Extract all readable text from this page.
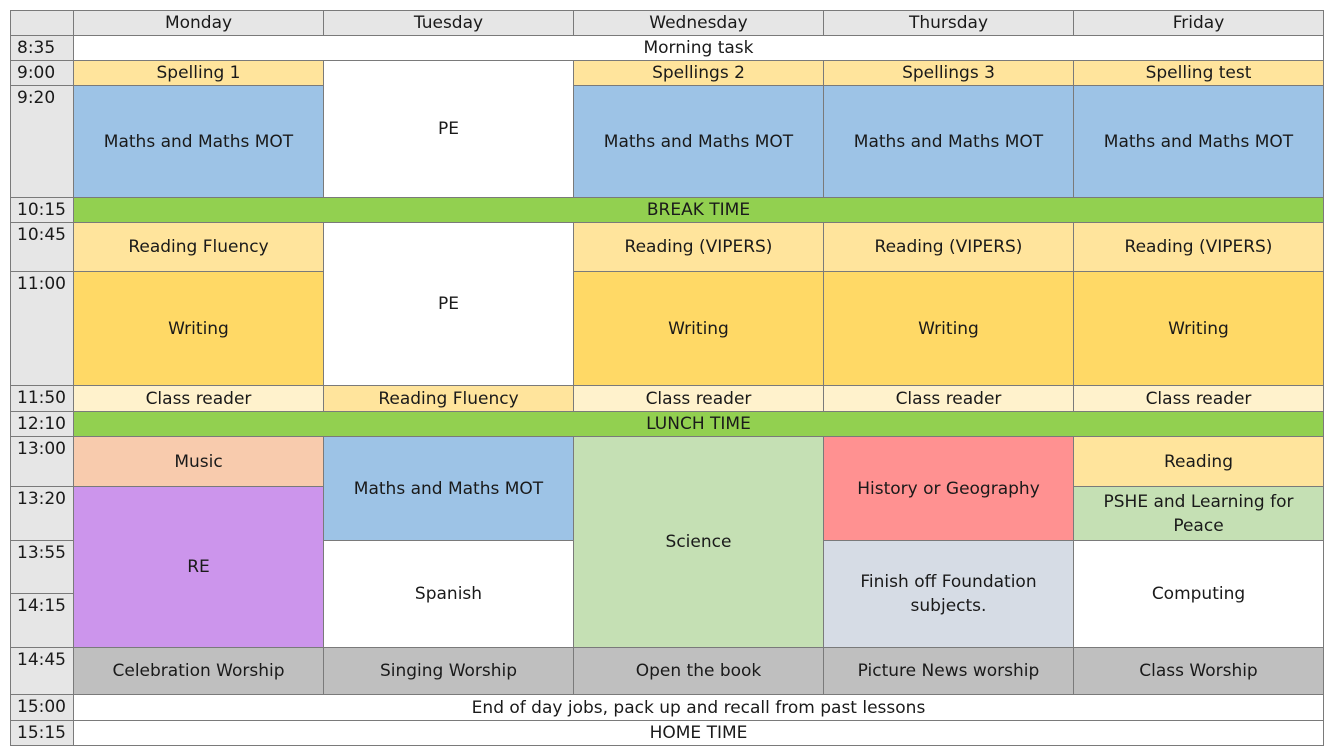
	Monday	Tuesday	Wednesday	Thursday	Friday
8:35	Morning task				
9:00	Spelling 1	PE	Spellings 2	Spellings 3	Spelling test
9:20	Maths and Maths MOT		Maths and Maths MOT	Maths and Maths MOT	Maths and Maths MOT
10:15	BREAK TIME				
10:45	Reading Fluency	PE	Reading (VIPERS)	Reading (VIPERS)	Reading (VIPERS)
11:00	Writing		Writing	Writing	Writing
11:50	Class reader	Reading Fluency	Class reader	Class reader	Class reader
12:10	LUNCH TIME				
13:00	Music	Maths and Maths MOT	Science	History or Geography	Reading
13:20	RE				PSHE and Learning for Peace
13:55		Spanish		Finish off Foundation subjects.	Computing
14:15					
14:45	Celebration Worship	Singing Worship	Open the book	Picture News worship	Class Worship
15:00	End of day jobs, pack up and recall from past lessons				
15:15	HOME TIME				
